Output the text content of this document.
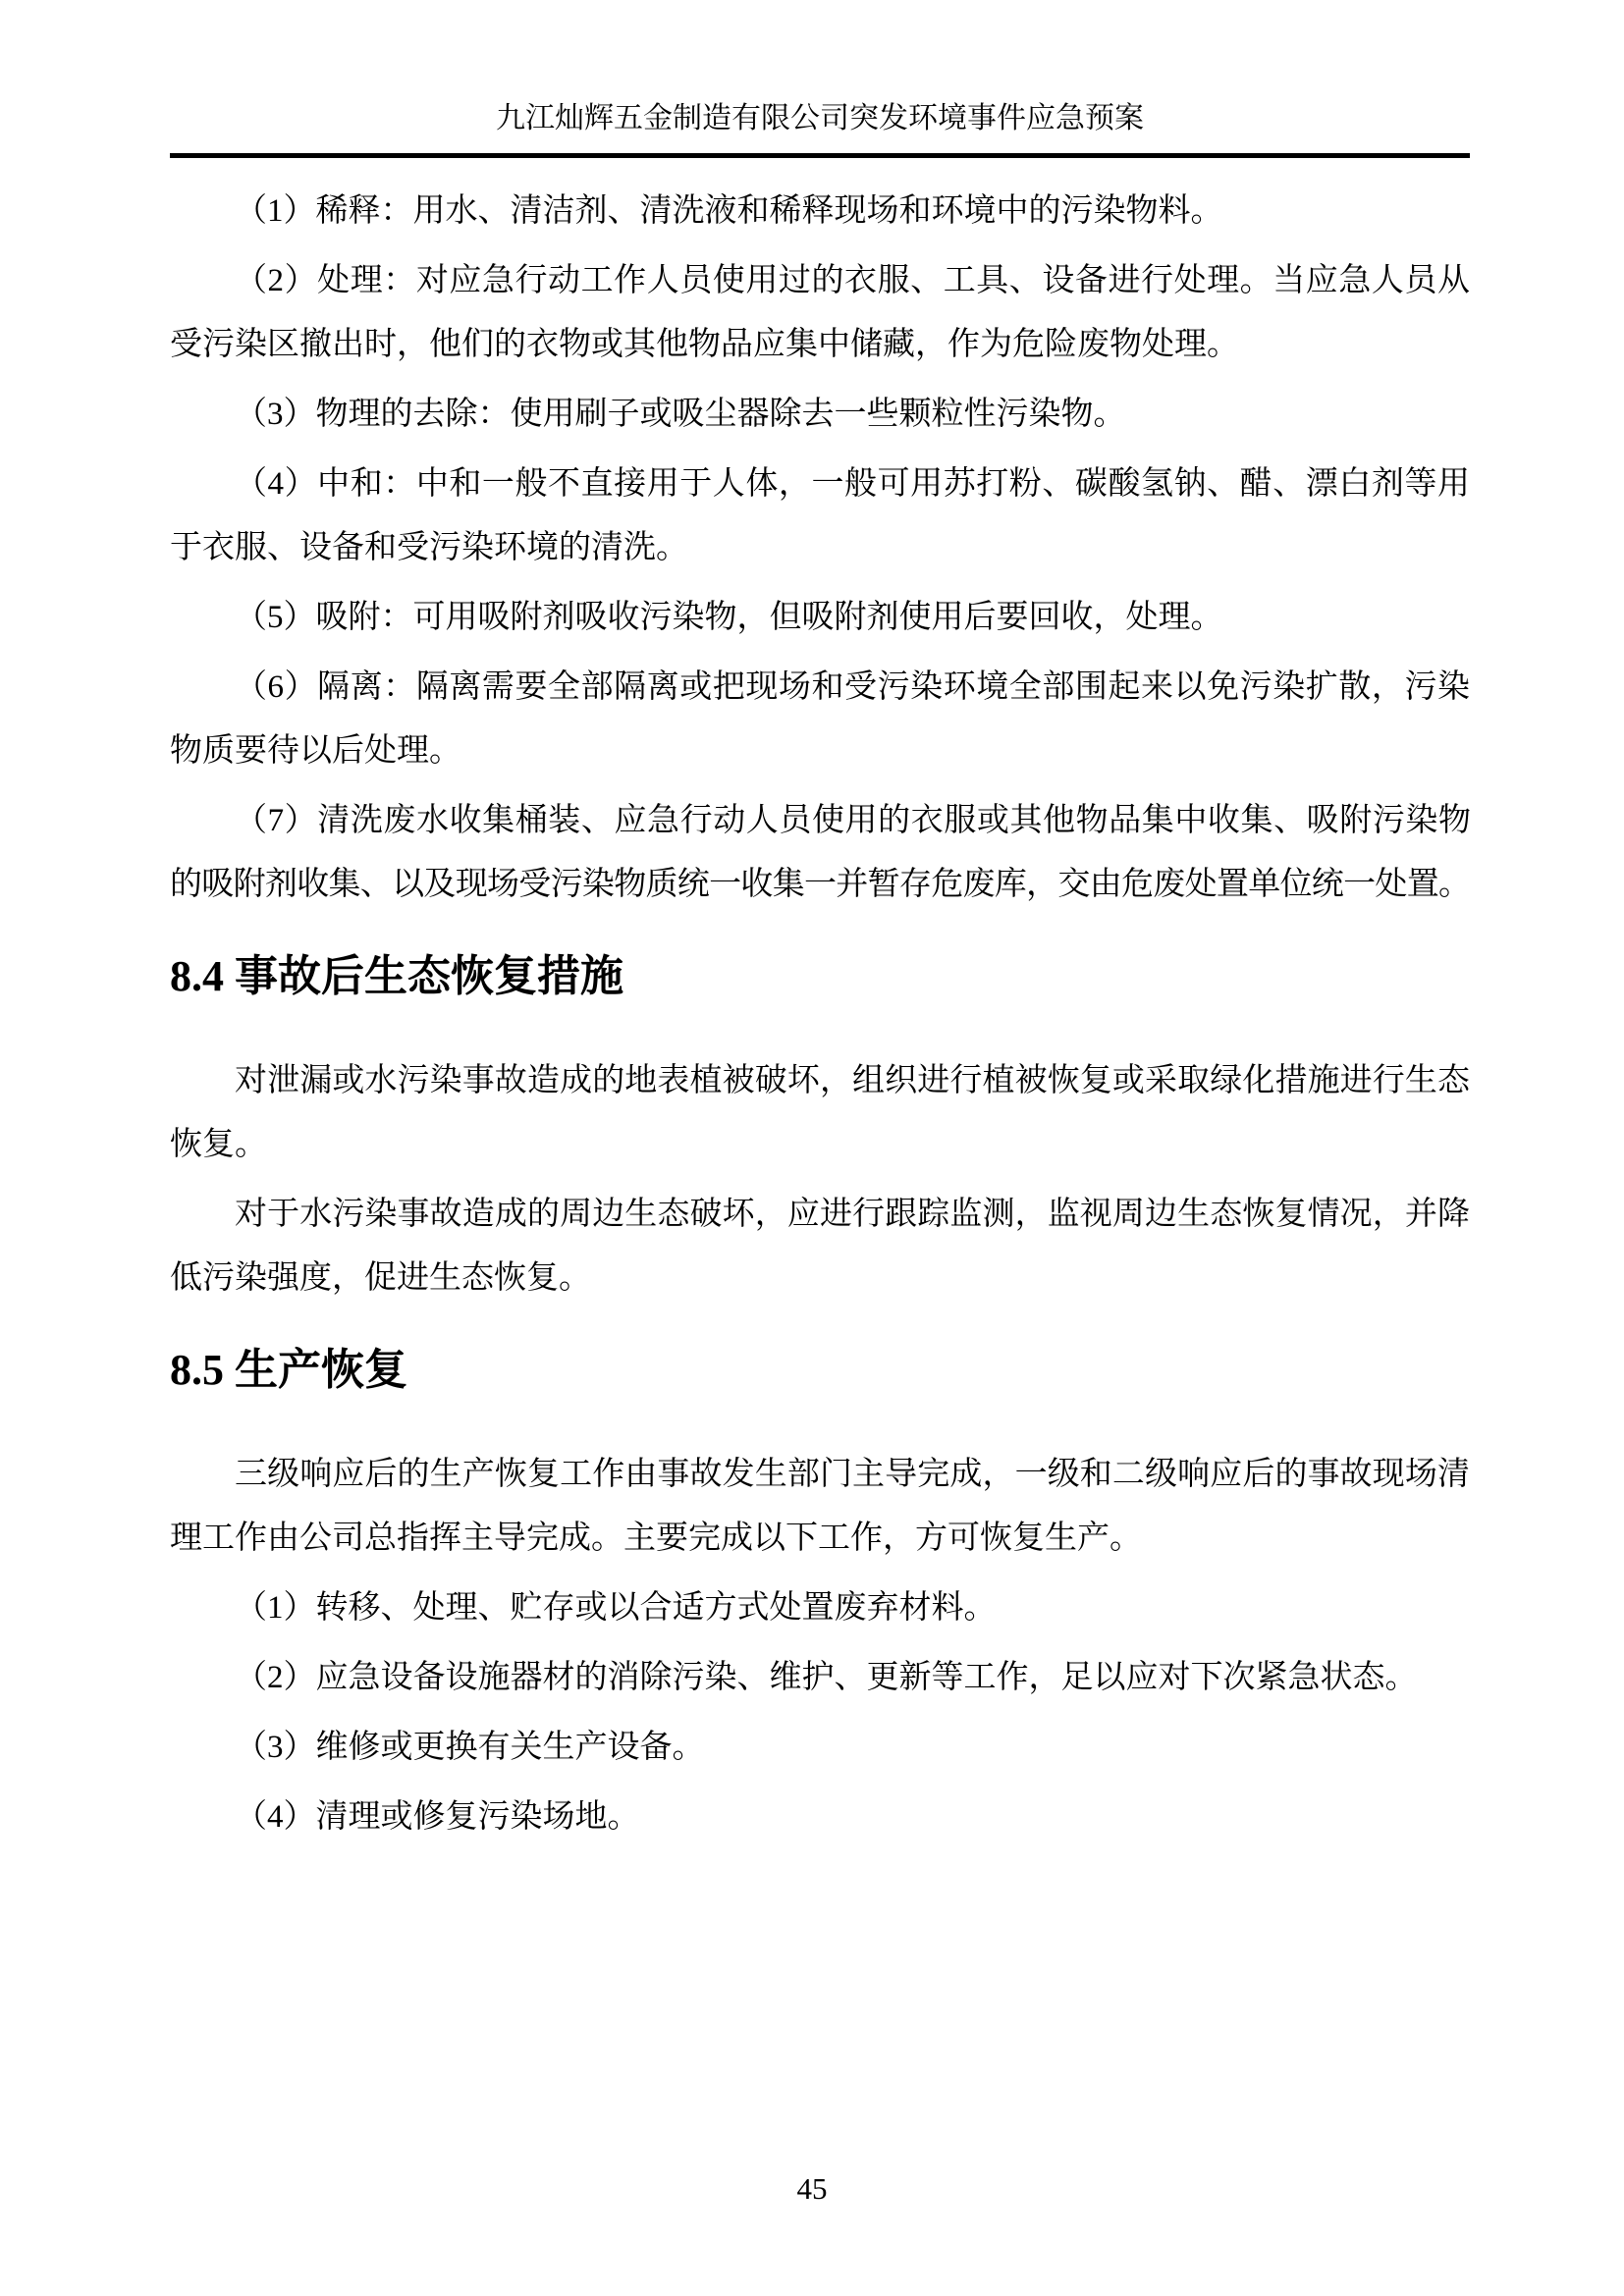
九江灿辉五金制造有限公司突发环境事件应急预案
（1）稀释：用水、清洁剂、清洗液和稀释现场和环境中的污染物料。
（2）处理：对应急行动工作人员使用过的衣服、工具、设备进行处理。当应急人员从
受污染区撤出时，他们的衣物或其他物品应集中储藏，作为危险废物处理。
（3）物理的去除：使用刷子或吸尘器除去一些颗粒性污染物。
（4）中和：中和一般不直接用于人体，一般可用苏打粉、碳酸氢钠、醋、漂白剂等用
于衣服、设备和受污染环境的清洗。
（5）吸附：可用吸附剂吸收污染物，但吸附剂使用后要回收，处理。
（6）隔离：隔离需要全部隔离或把现场和受污染环境全部围起来以免污染扩散，污染
物质要待以后处理。
（7）清洗废水收集桶装、应急行动人员使用的衣服或其他物品集中收集、吸附污染物
的吸附剂收集、以及现场受污染物质统一收集一并暂存危废库，交由危废处置单位统一处置。
8.4 事故后生态恢复措施
对泄漏或水污染事故造成的地表植被破坏，组织进行植被恢复或采取绿化措施进行生态
恢复。
对于水污染事故造成的周边生态破坏，应进行跟踪监测，监视周边生态恢复情况，并降
低污染强度，促进生态恢复。
8.5 生产恢复
三级响应后的生产恢复工作由事故发生部门主导完成，一级和二级响应后的事故现场清
理工作由公司总指挥主导完成。主要完成以下工作，方可恢复生产。
（1）转移、处理、贮存或以合适方式处置废弃材料。
（2）应急设备设施器材的消除污染、维护、更新等工作，足以应对下次紧急状态。
（3）维修或更换有关生产设备。
（4）清理或修复污染场地。
45
